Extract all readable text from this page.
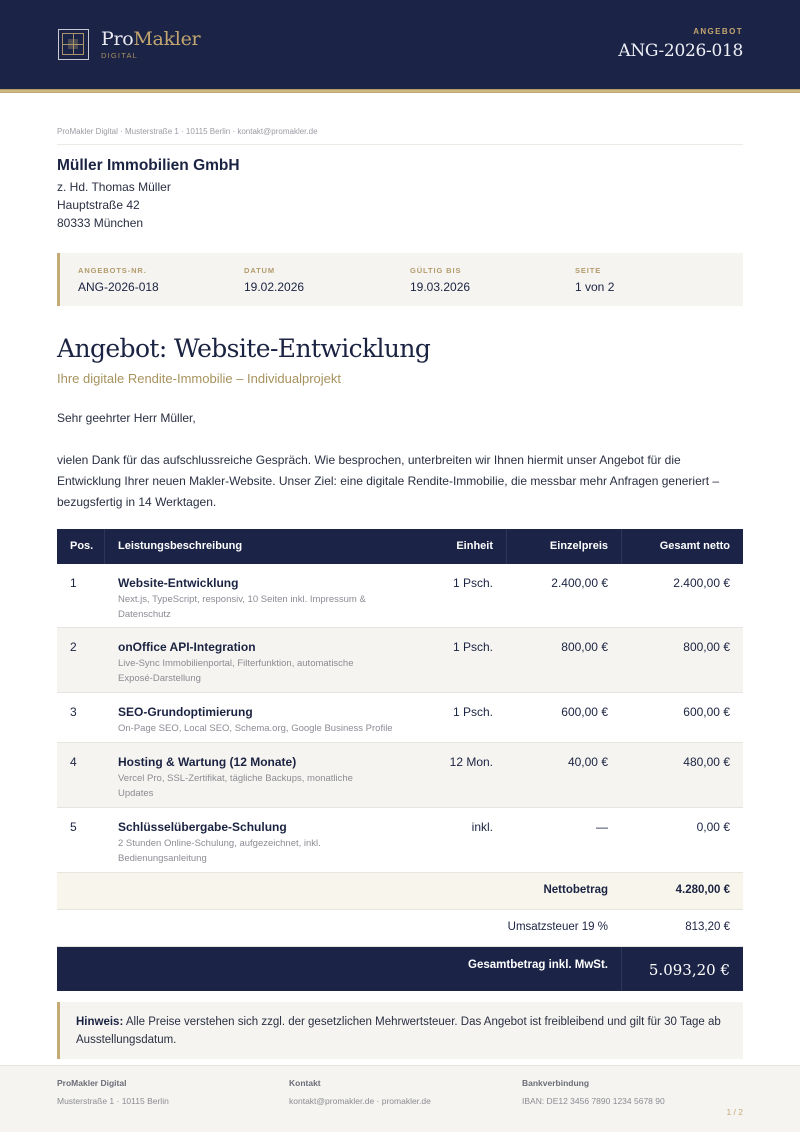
ProMakler
DIGITAL
ANGEBOT
ANG-2026-018
ProMakler Digital · Musterstraße 1 · 10115 Berlin · kontakt@promakler.de
Müller Immobilien GmbH
z. Hd. Thomas Müller
Hauptstraße 42
80333 München
ANGEBOTS-NR.
ANG-2026-018
DATUM
19.02.2026
GÜLTIG BIS
19.03.2026
SEITE
1 von 2
Angebot: Website-Entwicklung
Ihre digitale Rendite-Immobilie – Individualprojekt
Sehr geehrter Herr Müller,
vielen Dank für das aufschlussreiche Gespräch. Wie besprochen, unterbreiten wir Ihnen hiermit unser Angebot für die Entwicklung Ihrer neuen Makler-Website. Unser Ziel: eine digitale Rendite-Immobilie, die messbar mehr Anfragen generiert – bezugsfertig in 14 Werktagen.
Pos. Leistungsbeschreibung	Einheit	Einzelpreis	Gesamt netto
1	Website-Entwicklung
Next.js, TypeScript, responsiv, 10 Seiten inkl. Impressum & Datenschutz
1 Psch.	2.400,00 €	2.400,00 €
2	onOffice API-Integration
Live-Sync Immobilienportal, Filterfunktion, automatische Exposé-Darstellung
1 Psch.	800,00 €	800,00 €
3	SEO-Grundoptimierung
On-Page SEO, Local SEO, Schema.org, Google Business Profile
1 Psch.	600,00 €	600,00 €
4	Hosting & Wartung (12 Monate)
Vercel Pro, SSL-Zertifikat, tägliche Backups, monatliche Updates
12 Mon.	40,00 €	480,00 €
5	Schlüsselübergabe-Schulung
2 Stunden Online-Schulung, aufgezeichnet, inkl. Bedienungsanleitung
inkl.	—	0,00 €
Nettobetrag	4.280,00 €
Umsatzsteuer 19 %	813,20 €
Gesamtbetrag inkl. MwSt.	5.093,20 €
Hinweis: Alle Preise verstehen sich zzgl. der gesetzlichen Mehrwertsteuer. Das Angebot ist freibleibend und gilt für 30 Tage ab Ausstellungsdatum.
ProMakler Digital
Musterstraße 1 · 10115 Berlin
Kontakt
kontakt@promakler.de · promakler.de
Bankverbindung
IBAN: DE12 3456 7890 1234 5678 90
1 / 2
